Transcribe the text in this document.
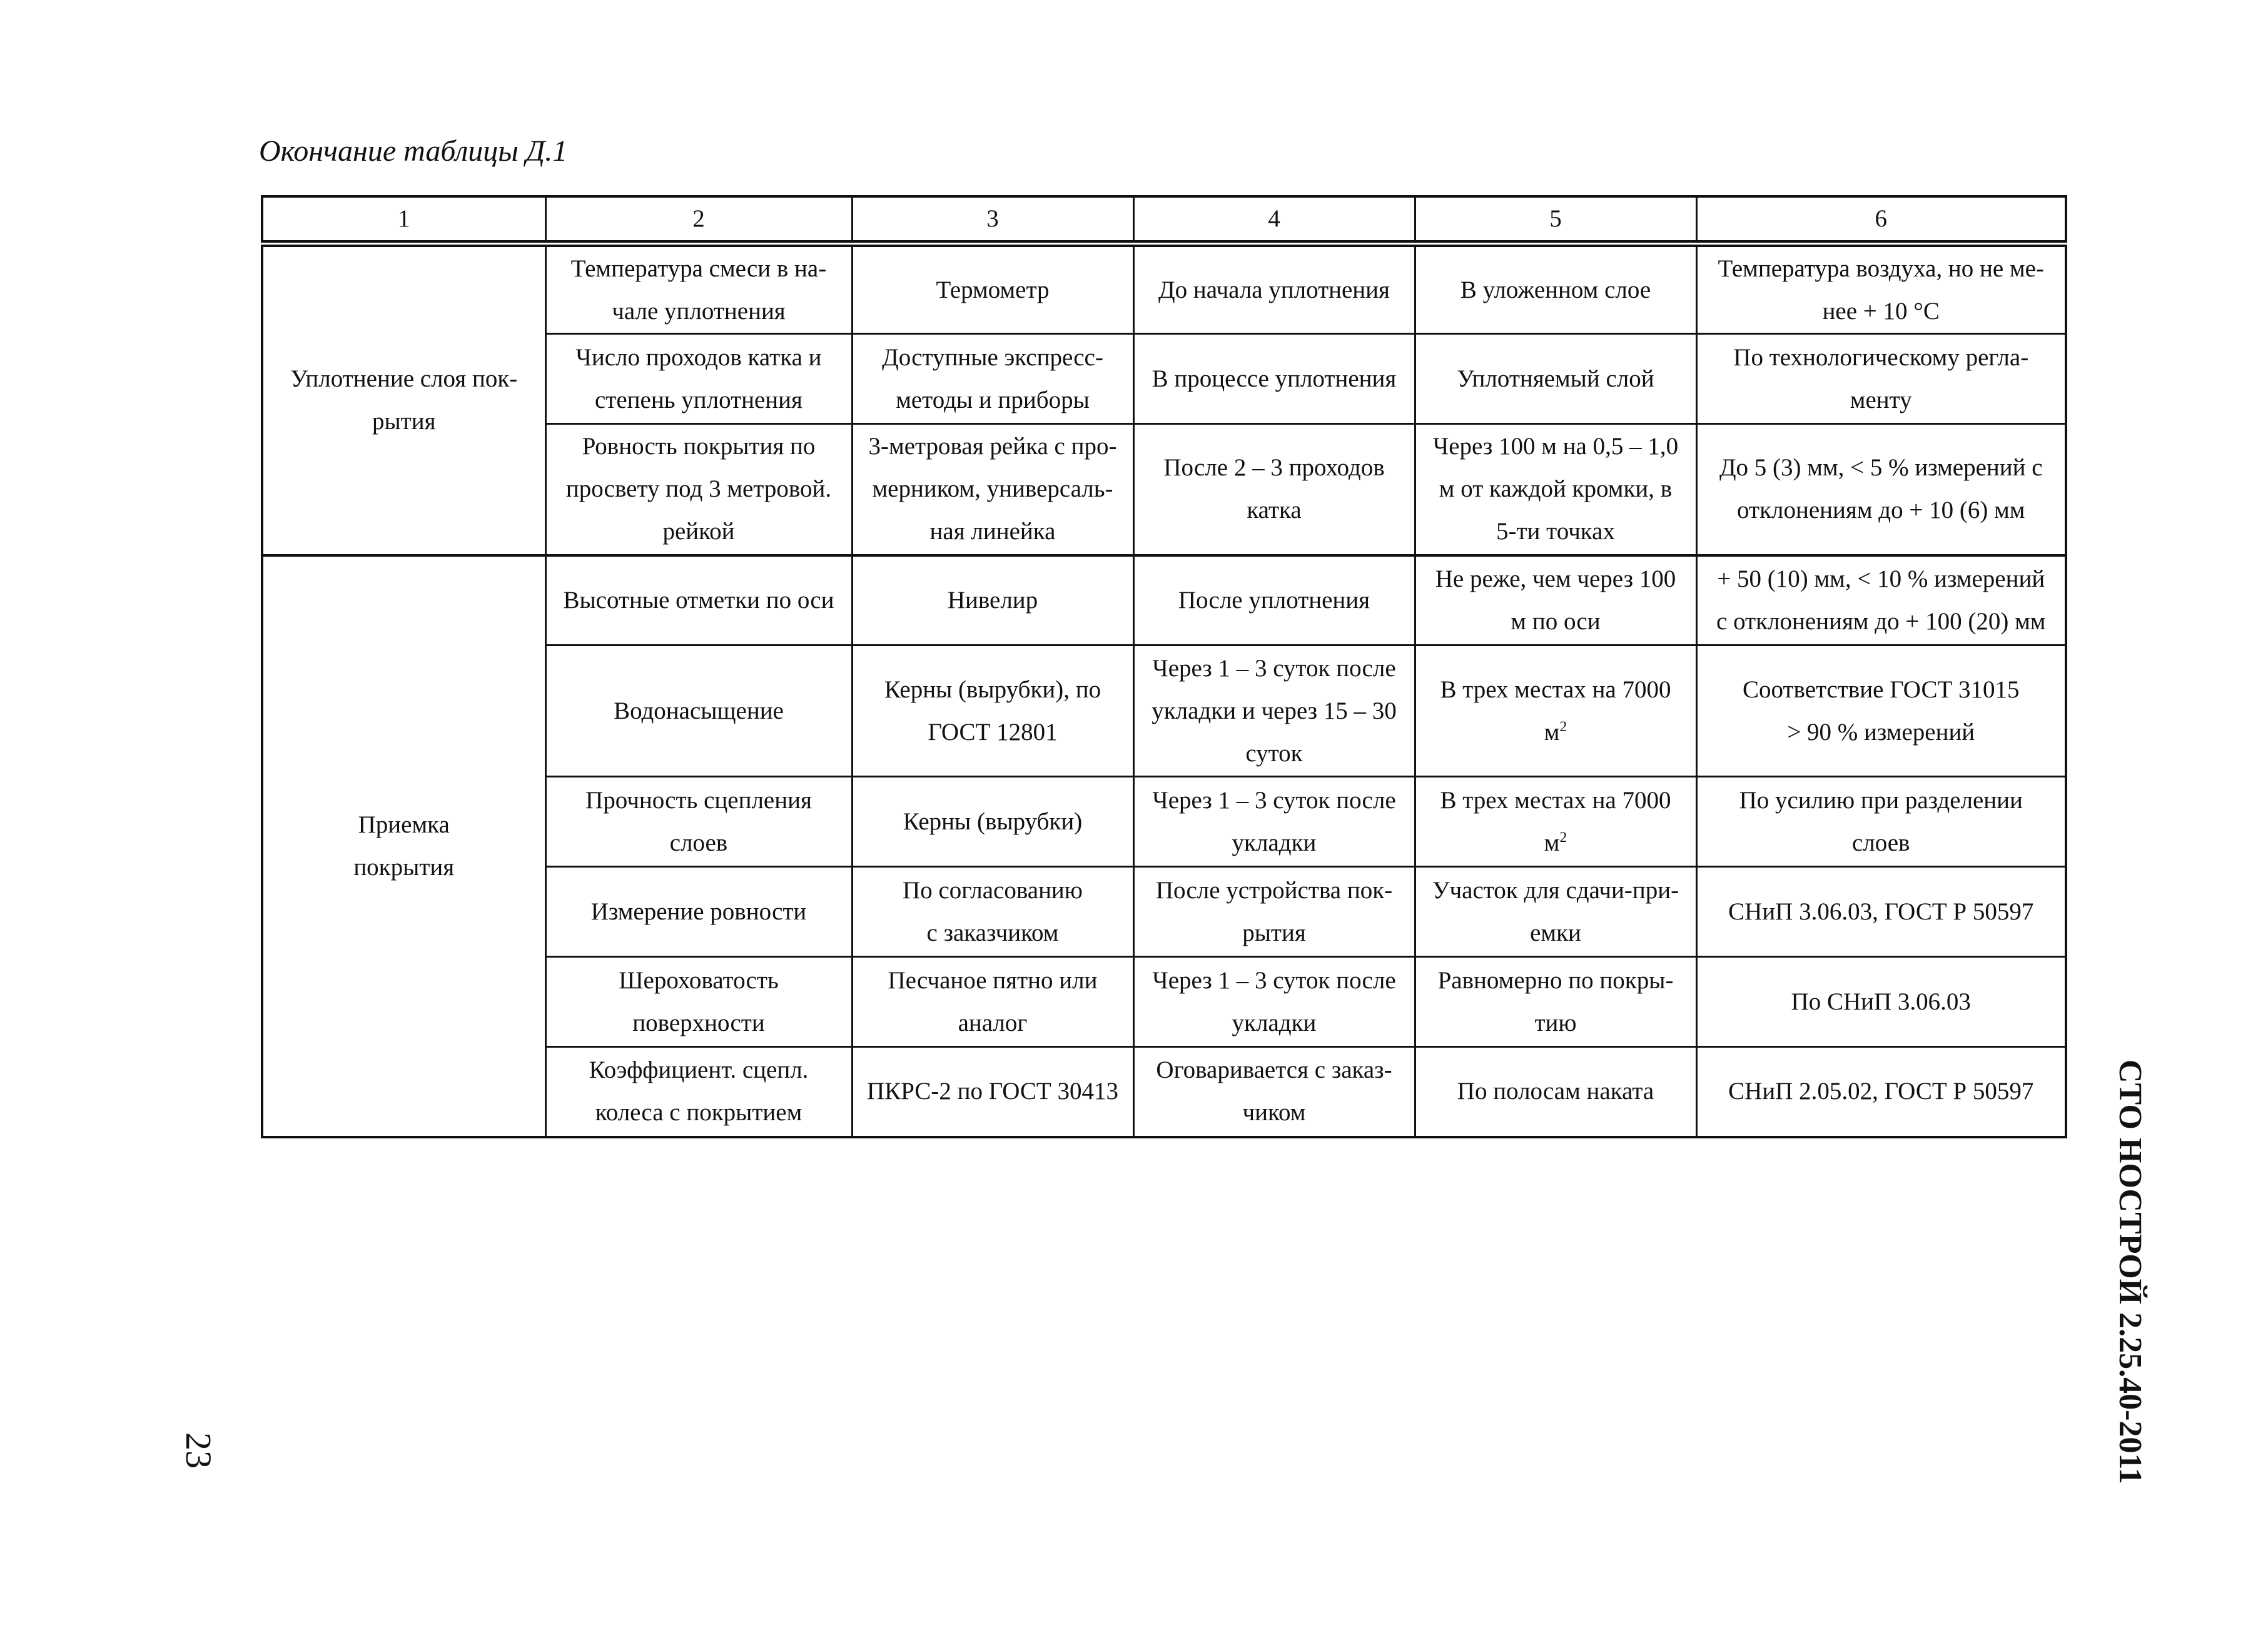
Окончание таблицы Д.1
1	2	3	4	5	6
Уплотнение слоя пок-
рытия	Температура смеси в на-
чале уплотнения	Термометр	До начала уплотнения	В уложенном слое	Температура воздуха, но не ме-
нее + 10 °С
	Число проходов катка и
степень уплотнения	Доступные экспресс-
методы и приборы	В процессе уплотнения	Уплотняемый слой	По технологическому регла-
менту
	Ровность покрытия по
просвету под 3 метровой.
рейкой	3-метровая рейка с про-
мерником, универсаль-
ная линейка	После 2 – 3 проходов
катка	Через 100 м на 0,5 – 1,0
м от каждой кромки, в
5-ти точках	До 5 (3) мм, < 5 % измерений с
отклонениям до + 10 (6) мм
Приемка
покрытия	Высотные отметки по оси	Нивелир	После уплотнения	Не реже, чем через 100
м по оси	+ 50 (10) мм, < 10 % измерений
с отклонениям до + 100 (20) мм
	Водонасыщение	Керны (вырубки), по
ГОСТ 12801	Через 1 – 3 суток после
укладки и через 15 – 30
суток	В трех местах на 7000
$м^2$	Соответствие ГОСТ 31015
> 90 % измерений
	Прочность сцепления
слоев	Керны (вырубки)	Через 1 – 3 суток после
укладки	В трех местах на 7000
$м^2$	По усилию при разделении
слоев
	Измерение ровности	По согласованию
с заказчиком	После устройства пок-
рытия	Участок для сдачи-при-
емки	СНиП 3.06.03, ГОСТ Р 50597
	Шероховатость
поверхности	Песчаное пятно или
аналог	Через 1 – 3 суток после
укладки	Равномерно по покры-
тию	По СНиП 3.06.03
	Коэффициент. сцепл.
колеса с покрытием	ПКРС-2 по ГОСТ 30413	Оговаривается с заказ-
чиком	По полосам наката	СНиП 2.05.02, ГОСТ Р 50597
23	СТО НОСТРОЙ 2.25.40-2011
